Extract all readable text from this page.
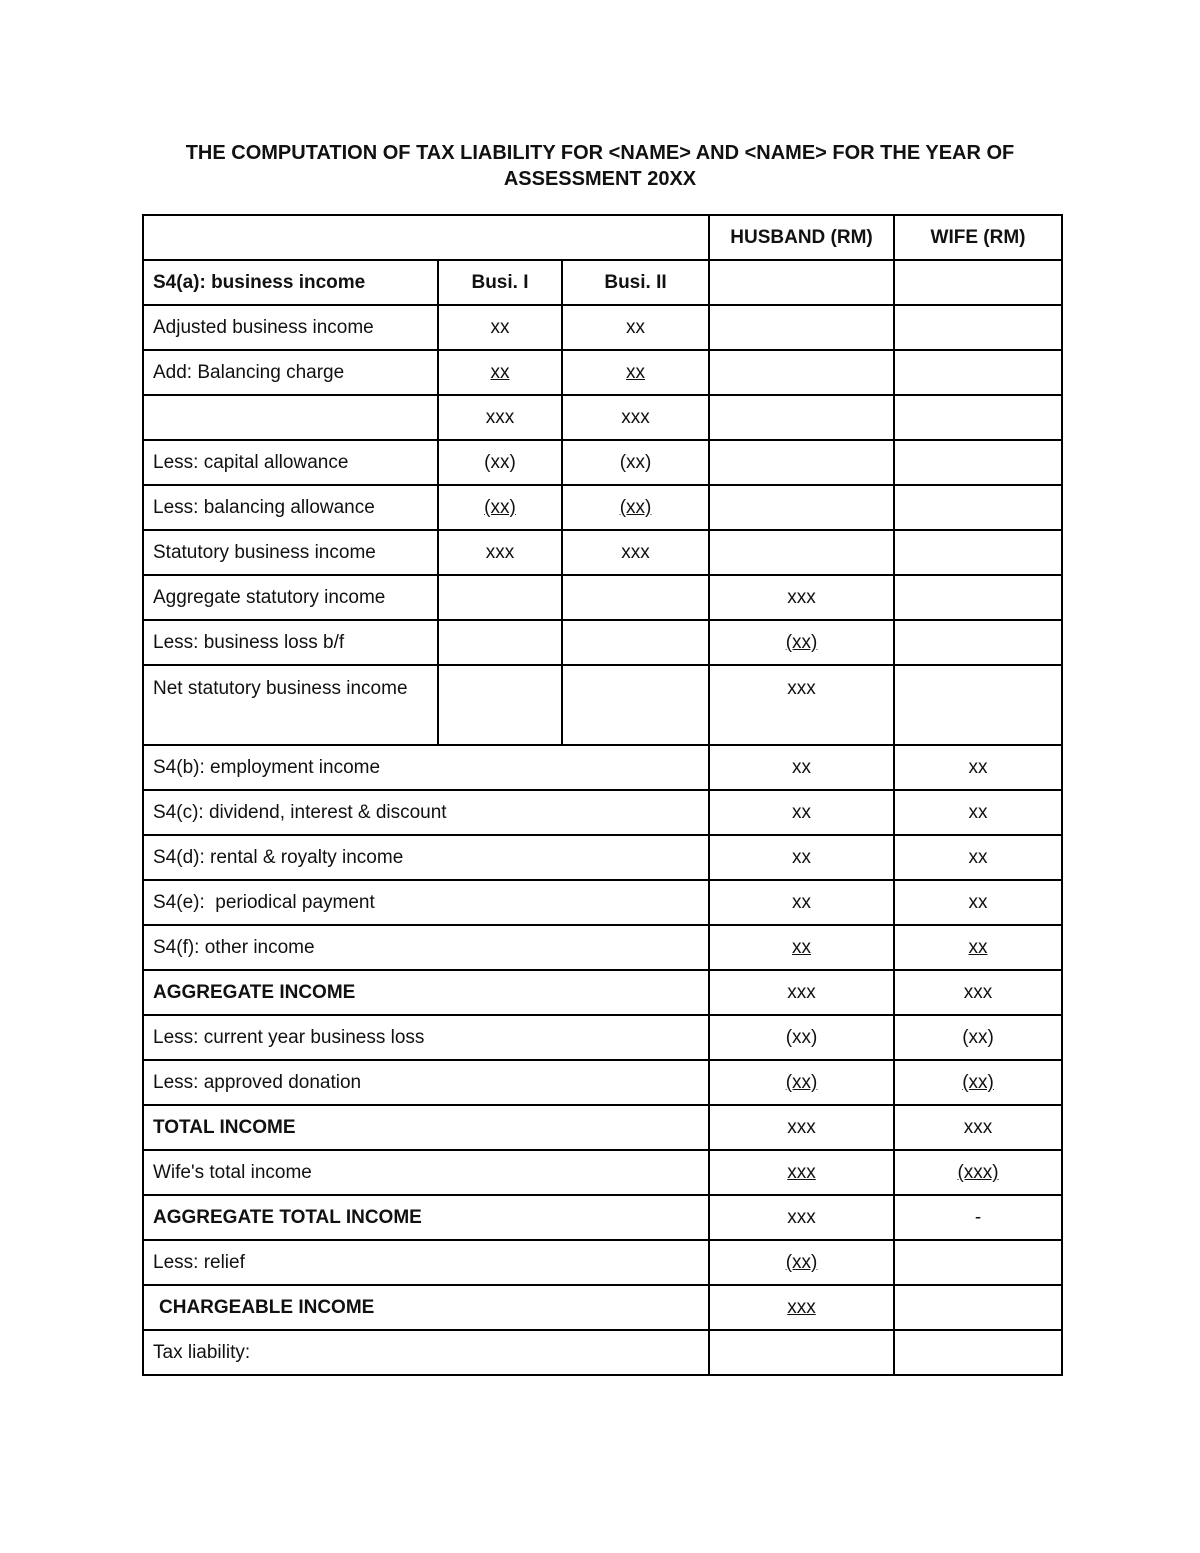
THE COMPUTATION OF TAX LIABILITY FOR <NAME> AND <NAME> FOR THE YEAR OF
ASSESSMENT 20XX
			HUSBAND (RM)	WIFE (RM)
S4(a): business income	Busi. I	Busi. II		
Adjusted business income	xx	xx		
Add: Balancing charge	xx	xx		
	xxx	xxx		
Less: capital allowance	(xx)	(xx)		
Less: balancing allowance	(xx)	(xx)		
Statutory business income	xxx	xxx		
Aggregate statutory income			xxx	
Less: business loss b/f			(xx)	
Net statutory business income			xxx	
S4(b): employment income			xx	xx
S4(c): dividend, interest & discount			xx	xx
S4(d): rental & royalty income			xx	xx
S4(e):  periodical payment			xx	xx
S4(f): other income			xx	xx
AGGREGATE INCOME			xxx	xxx
Less: current year business loss			(xx)	(xx)
Less: approved donation			(xx)	(xx)
TOTAL INCOME			xxx	xxx
Wife's total income			xxx	(xxx)
AGGREGATE TOTAL INCOME			xxx	-
Less: relief			(xx)	
CHARGEABLE INCOME			xxx	
Tax liability:				
